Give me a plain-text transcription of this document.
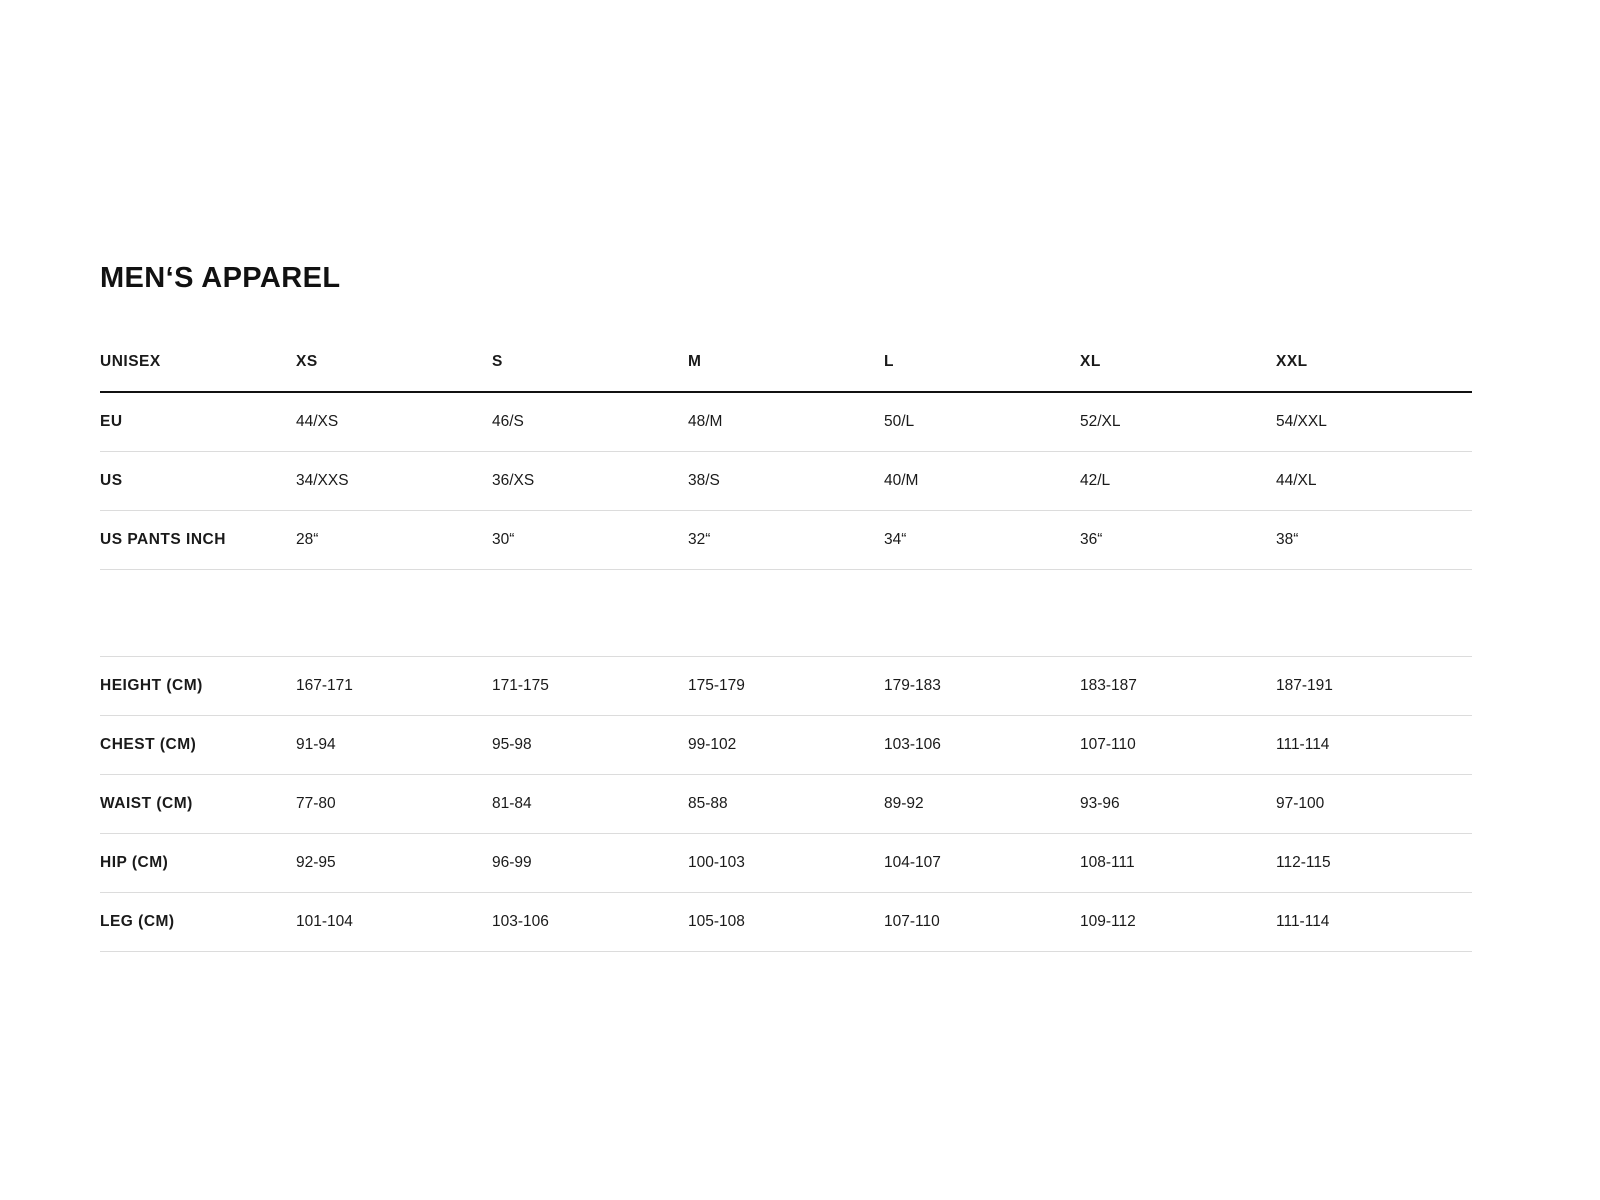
MEN‘S APPAREL
UNISEX	XS	S	M	L	XL	XXL
EU	44/XS	46/S	48/M	50/L	52/XL	54/XXL
US	34/XXS	36/XS	38/S	40/M	42/L	44/XL
US PANTS INCH	28“	30“	32“	34“	36“	38“

HEIGHT (CM)	167-171	171-175	175-179	179-183	183-187	187-191
CHEST (CM)	91-94	95-98	99-102	103-106	107-110	111-114
WAIST (CM)	77-80	81-84	85-88	89-92	93-96	97-100
HIP (CM)	92-95	96-99	100-103	104-107	108-111	112-115
LEG (CM)	101-104	103-106	105-108	107-110	109-112	111-114
